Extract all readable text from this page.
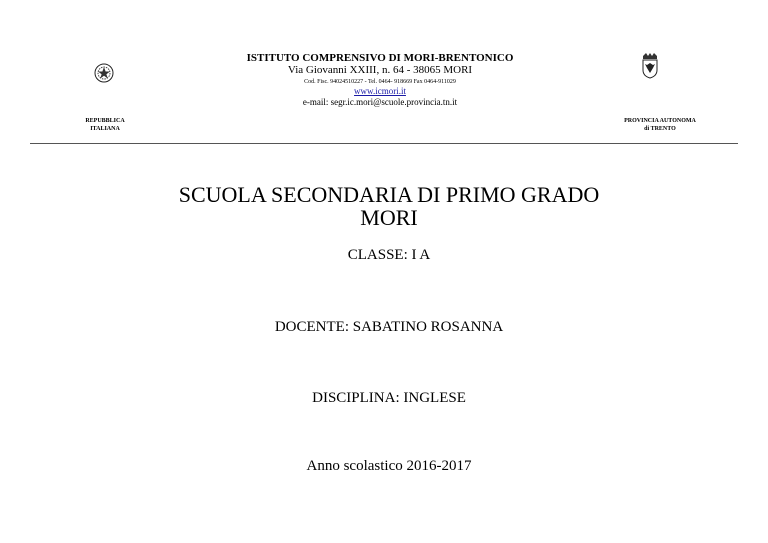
ISTITUTO COMPRENSIVO DI MORI-BRENTONICO
Via Giovanni XXIII, n. 64 - 38065 MORI
Cod. Fisc. 94024510227 - Tel. 0464- 918669 Fax 0464-911029
www.icmori.it
e-mail: segr.ic.mori@scuole.provincia.tn.it
REPUBBLICA
ITALIANA
PROVINCIA AUTONOMA
di TRENTO
SCUOLA SECONDARIA DI PRIMO GRADO
MORI
CLASSE: I A
DOCENTE: SABATINO ROSANNA
DISCIPLINA: INGLESE
Anno scolastico 2016-2017
